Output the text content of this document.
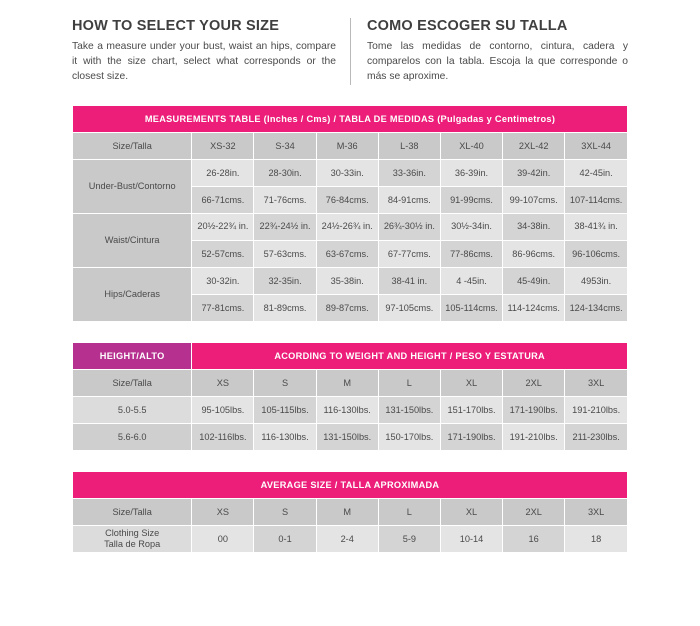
HOW TO SELECT YOUR SIZE

Take a measure under your bust, waist an hips, compare it with the size chart, select what corresponds or the closest size.

COMO ESCOGER SU TALLA

Tome las medidas de contorno, cintura, cadera y comparelos con la tabla. Escoja la que corresponde o más se aproxime.

MEASUREMENTS TABLE (Inches / Cms) / TABLA DE MEDIDAS (Pulgadas y Centimetros)							
Size/Talla	XS-32	S-34	M-36	L-38	XL-40	2XL-42	3XL-44
Under-Bust/Contorno	26-28in.	28-30in.	30-33in.	33-36in.	36-39in.	39-42in.	42-45in.
	66-71cms.	71-76cms.	76-84cms.	84-91cms.	91-99cms.	99-107cms.	107-114cms.
Waist/Cintura	20½-22¾ in.	22¾-24½ in.	24½-26¾ in.	26¾-30½ in.	30½-34in.	34-38in.	38-41¾ in.
	52-57cms.	57-63cms.	63-67cms.	67-77cms.	77-86cms.	86-96cms.	96-106cms.
Hips/Caderas	30-32in.	32-35in.	35-38in.	38-41 in.	4 -45in.	45-49in.	4953in.
	77-81cms.	81-89cms.	89-87cms.	97-105cms.	105-114cms.	114-124cms.	124-134cms.
HEIGHT/ALTO	ACORDING TO WEIGHT AND HEIGHT / PESO Y ESTATURA						
Size/Talla	XS	S	M	L	XL	2XL	3XL
5.0-5.5	95-105lbs.	105-115lbs.	116-130lbs.	131-150lbs.	151-170lbs.	171-190lbs.	191-210lbs.
5.6-6.0	102-116lbs.	116-130lbs.	131-150lbs.	150-170lbs.	171-190lbs.	191-210lbs.	211-230lbs.
AVERAGE SIZE / TALLA APROXIMADA							
Size/Talla	XS	S	M	L	XL	2XL	3XL
Clothing Size
Talla de Ropa	00	0-1	2-4	5-9	10-14	16	18
